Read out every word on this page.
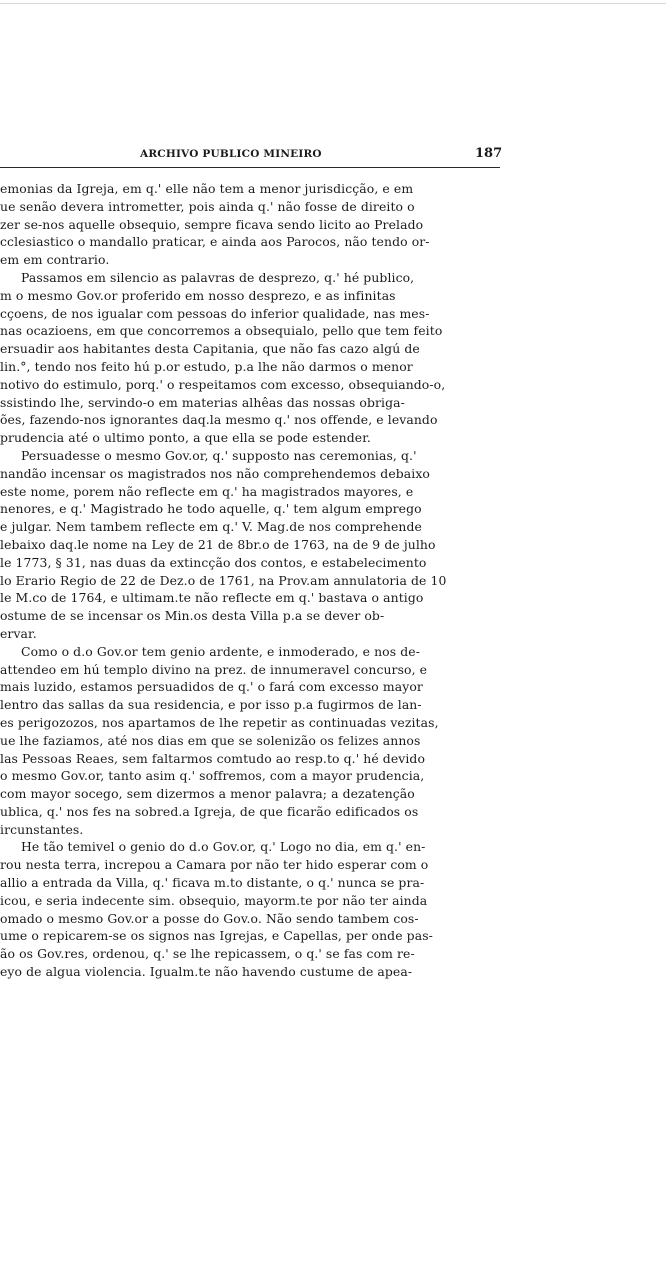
ARCHIVO PUBLICO MINEIRO	187
emonias da Igreja, em q.' elle não tem a menor jurisdicção, e em
ue senão devera intrometter, pois ainda q.' não fosse de direito o
zer se-nos aquelle obsequio, sempre ficava sendo licito ao Prelado
cclesiastico o mandallo praticar, e ainda aos Parocos, não tendo or-
em em contrario.
Passamos em silencio as palavras de desprezo, q.' hé publico,
m o mesmo Gov.or proferido em nosso desprezo, e as infinitas
cçoens, de nos igualar com pessoas do inferior qualidade, nas mes-
nas ocazioens, em que concorremos a obsequialo, pello que tem feito
ersuadir aos habitantes desta Capitania, que não fas cazo algú de
lin.°, tendo nos feito hú p.or estudo, p.a lhe não darmos o menor
notivo do estimulo, porq.' o respeitamos com excesso, obsequiando-o,
ssistindo lhe, servindo-o em materias alhêas das nossas obriga-
ões, fazendo-nos ignorantes daq.la mesmo q.' nos offende, e levando
prudencia até o ultimo ponto, a que ella se pode estender.
Persuadesse o mesmo Gov.or, q.' supposto nas ceremonias, q.'
nandão incensar os magistrados nos não comprehendemos debaixo
este nome, porem não reflecte em q.' ha magistrados mayores, e
nenores, e q.' Magistrado he todo aquelle, q.' tem algum emprego
e julgar. Nem tambem reflecte em q.' V. Mag.de nos comprehende
lebaixo daq.le nome na Ley de 21 de 8br.o de 1763, na de 9 de julho
le 1773, § 31, nas duas da extincção dos contos, e estabelecimento
lo Erario Regio de 22 de Dez.o de 1761, na Prov.am annulatoria de 10
le M.co de 1764, e ultimam.te não reflecte em q.' bastava o antigo
ostume de se incensar os Min.os desta Villa p.a se dever ob-
ervar.
Como o d.o Gov.or tem genio ardente, e inmoderado, e nos de-
attendeo em hú templo divino na prez. de innumeravel concurso, e
mais luzido, estamos persuadidos de q.' o fará com excesso mayor
lentro das sallas da sua residencia, e por isso p.a fugirmos de lan-
es perigozozos, nos apartamos de lhe repetir as continuadas vezitas,
ue lhe faziamos, até nos dias em que se solenizão os felizes annos
las Pessoas Reaes, sem faltarmos comtudo ao resp.to q.' hé devido
o mesmo Gov.or, tanto asim q.' soffremos, com a mayor prudencia,
com mayor socego, sem dizermos a menor palavra; a dezatenção
ublica, q.' nos fes na sobred.a Igreja, de que ficarão edificados os
ircunstantes.
He tão temivel o genio do d.o Gov.or, q.' Logo no dia, em q.' en-
rou nesta terra, increpou a Camara por não ter hido esperar com o
allio a entrada da Villa, q.' ficava m.to distante, o q.' nunca se pra-
icou, e seria indecente sim. obsequio, mayorm.te por não ter ainda
omado o mesmo Gov.or a posse do Gov.o. Não sendo tambem cos-
ume o repicarem-se os signos nas Igrejas, e Capellas, per onde pas-
ão os Gov.res, ordenou, q.' se lhe repicassem, o q.' se fas com re-
eyo de algua violencia. Igualm.te não havendo custume de apea-
